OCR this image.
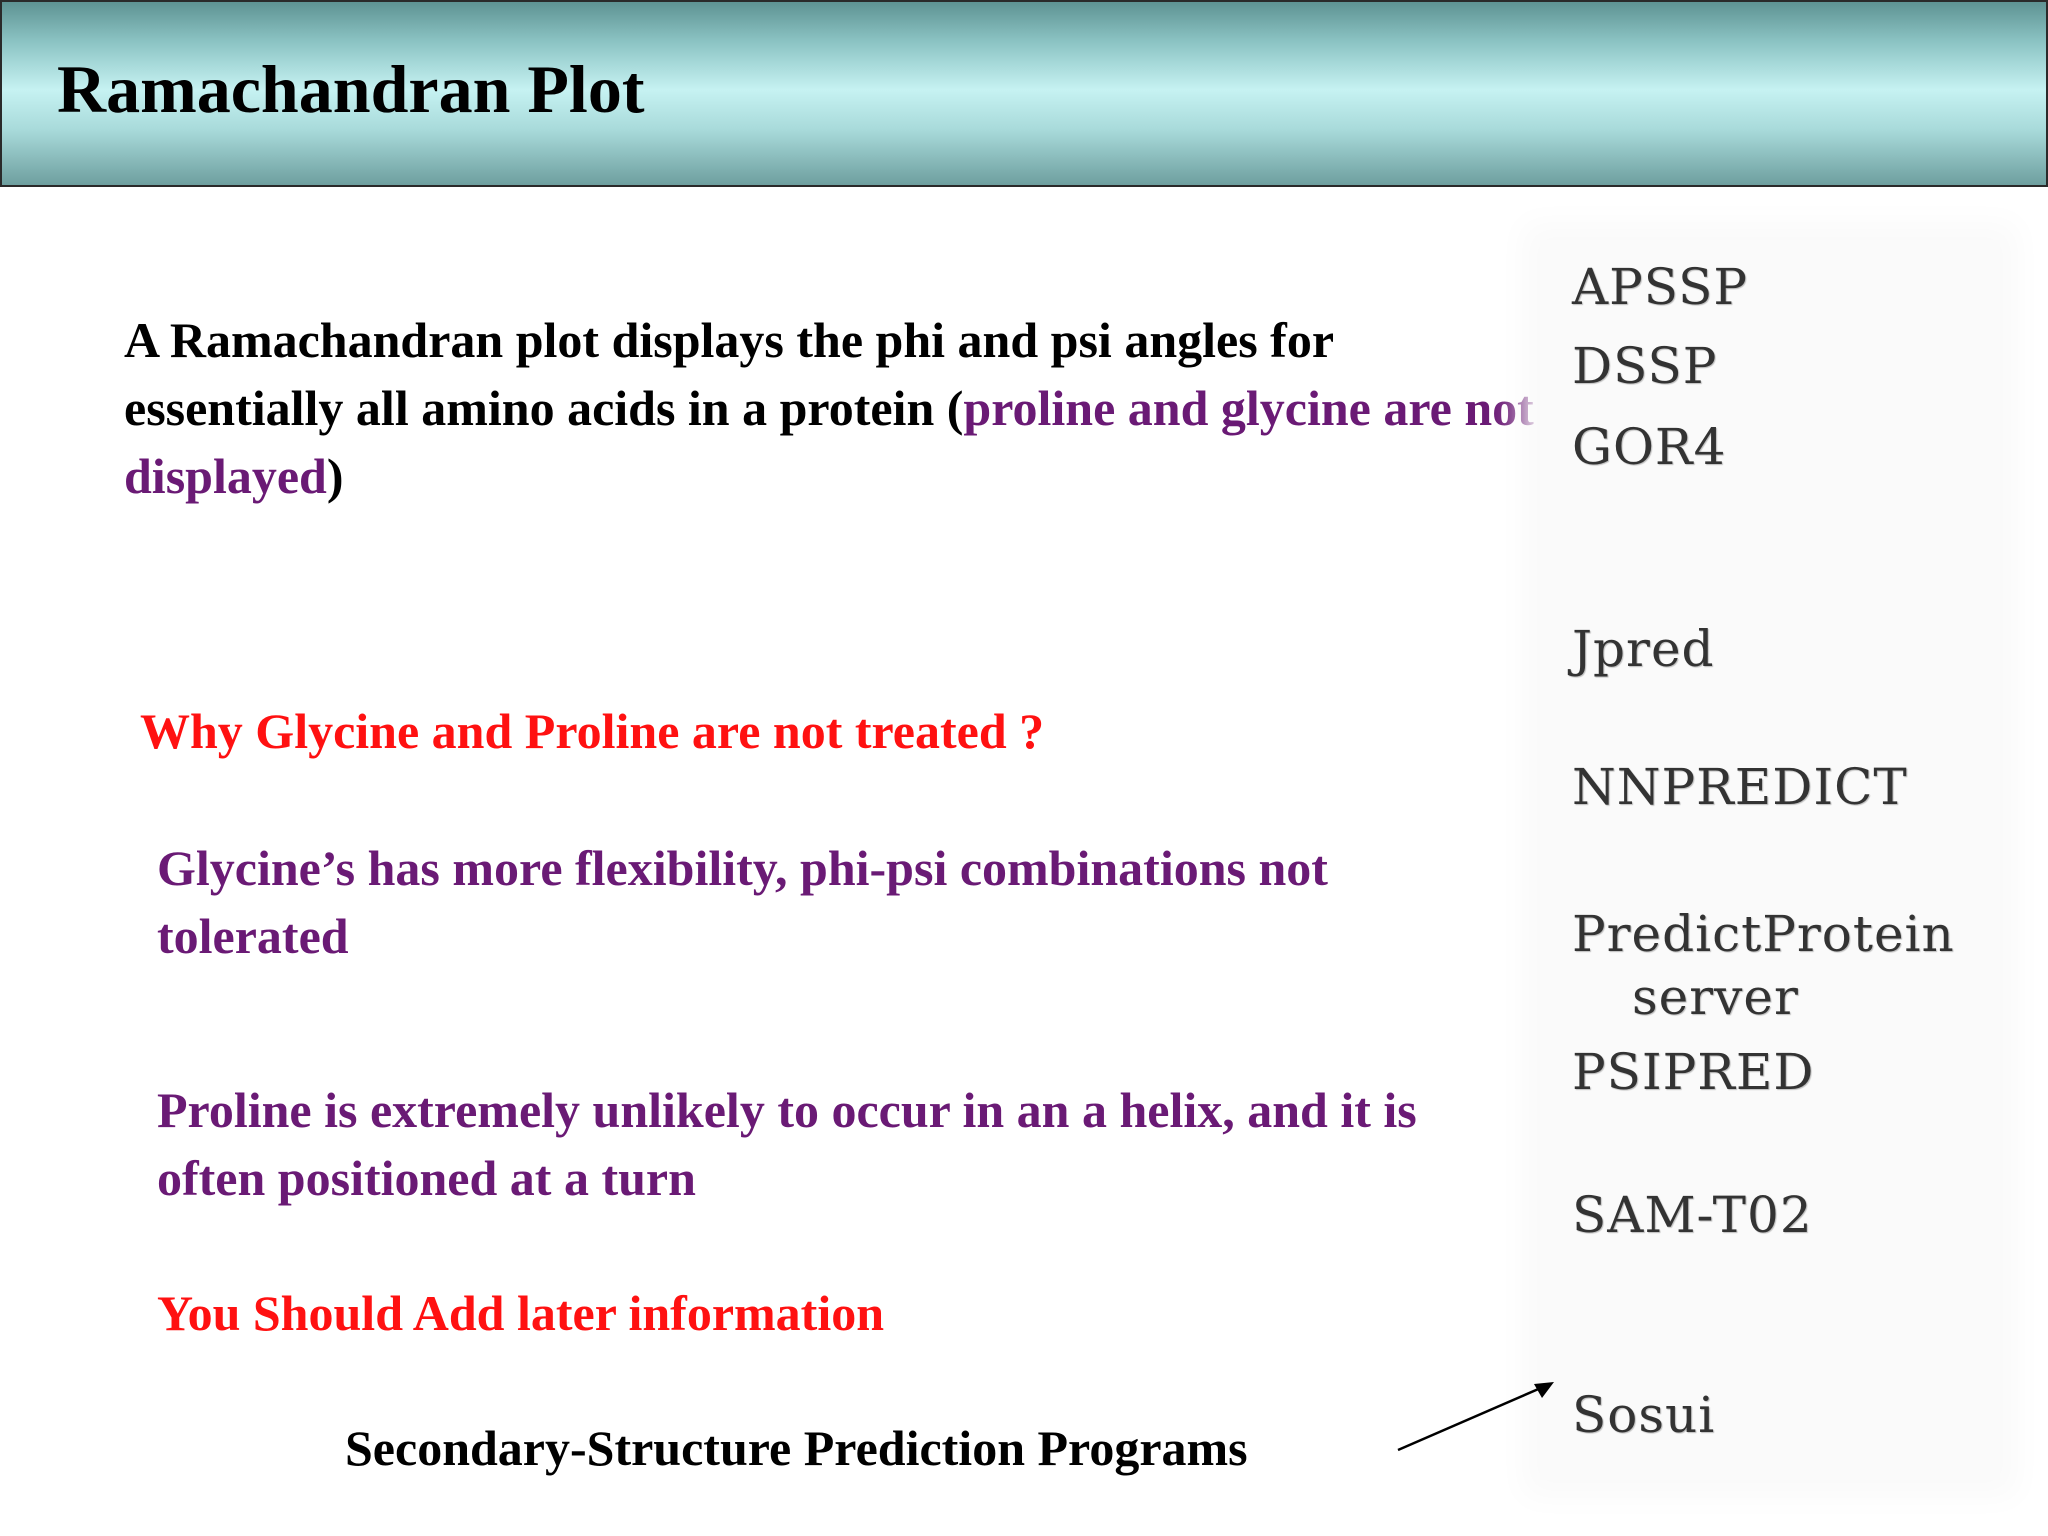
Ramachandran Plot
A Ramachandran plot displays the phi and psi angles for essentially all amino acids in a protein (proline and glycine are not displayed)
Why Glycine and Proline are not treated ?
Glycine’s has more flexibility, phi-psi combinations not tolerated
Proline is extremely unlikely to occur in an a helix, and it is often positioned at a turn
You Should Add later information
Secondary-Structure Prediction Programs
APSSP
DSSP
GOR4
Jpred
NNPREDICT
PredictProtein
server
PSIPRED
SAM-T02
Sosui
